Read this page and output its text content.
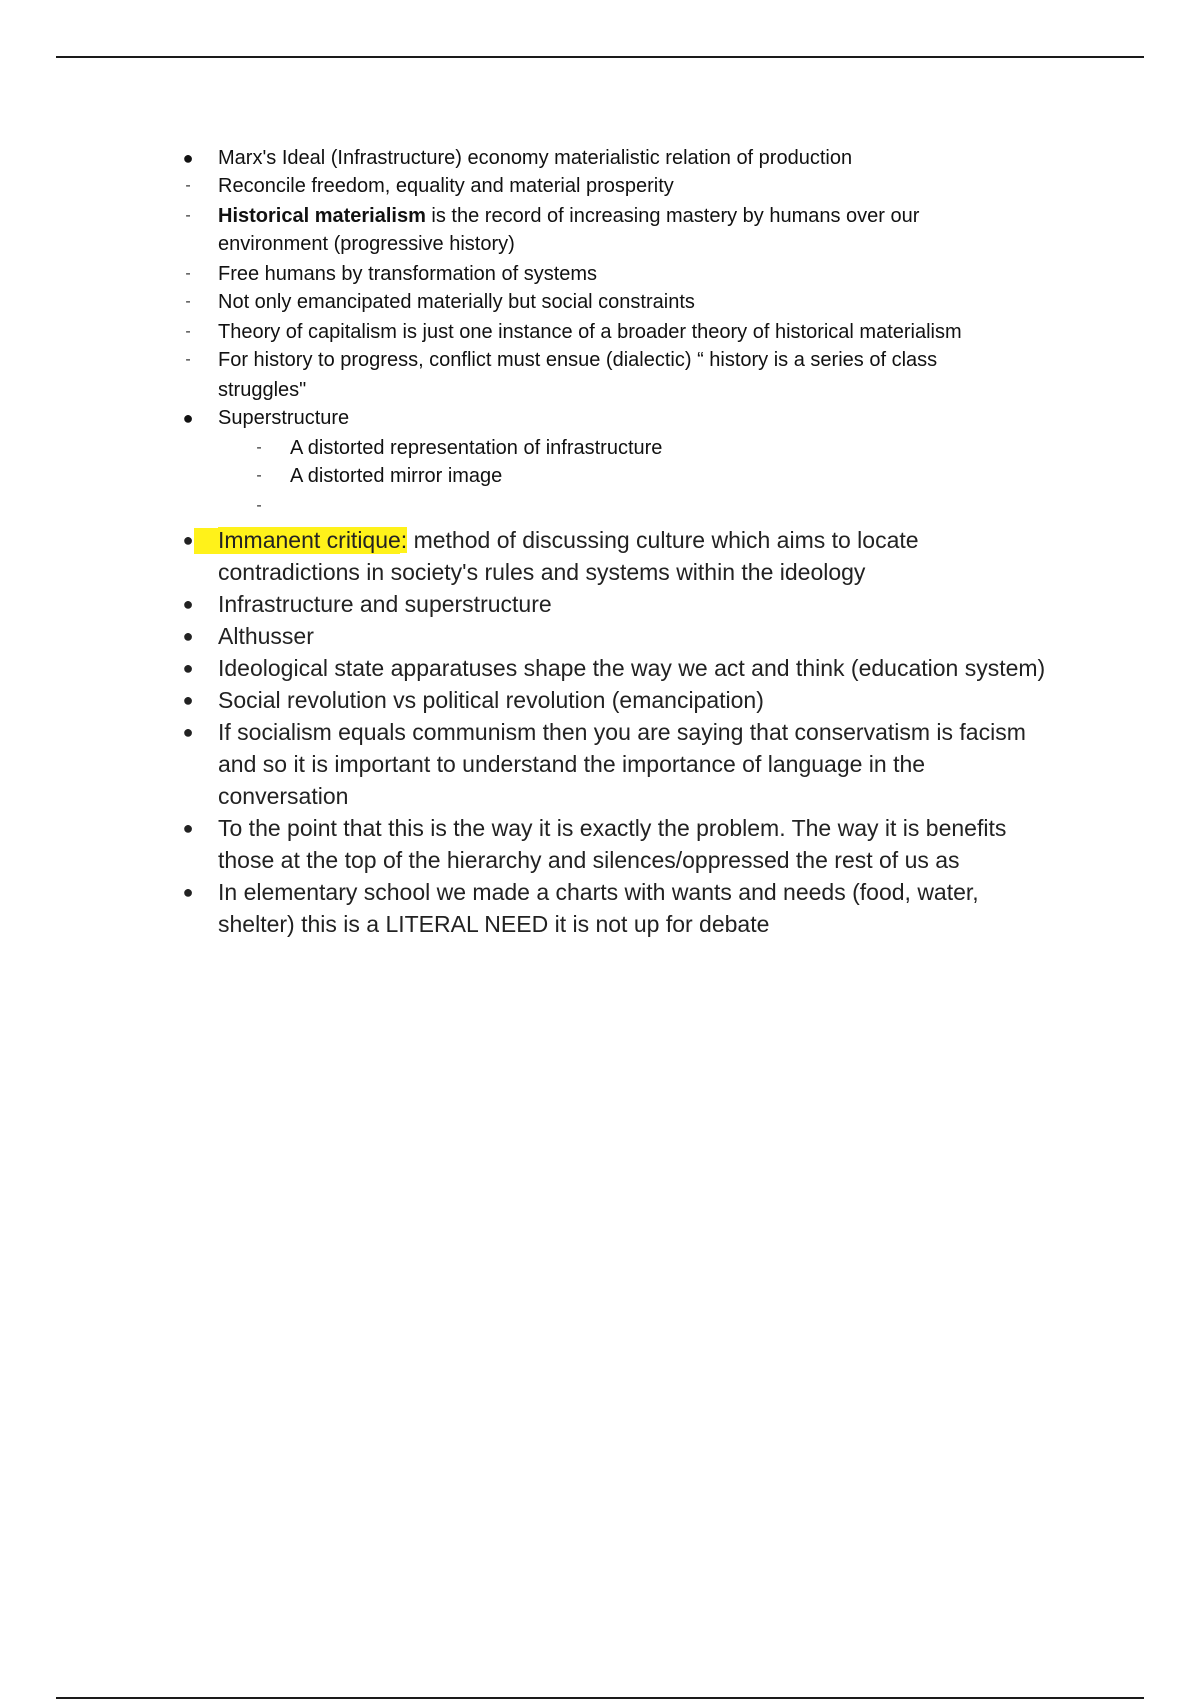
● Marx's Ideal (Infrastructure) economy materialistic relation of production
-	Reconcile freedom, equality and material prosperity
-	Historical materialism is the record of increasing mastery by humans over our
environment (progressive history)
-	Free humans by transformation of systems
-	Not only emancipated materially but social constraints
-	Theory of capitalism is just one instance of a broader theory of historical materialism
-	For history to progress, conflict must ensue (dialectic) “ history is a series of class
struggles"
● Superstructure
-	A distorted representation of infrastructure
-	A distorted mirror image
-
● Immanent critique: method of discussing culture which aims to locate
contradictions in society's rules and systems within the ideology
● Infrastructure and superstructure
● Althusser
● Ideological state apparatuses shape the way we act and think (education system)
● Social revolution vs political revolution (emancipation)
● If socialism equals communism then you are saying that conservatism is facism
and so it is important to understand the importance of language in the
conversation
● To the point that this is the way it is exactly the problem. The way it is benefits
those at the top of the hierarchy and silences/oppressed the rest of us as
● In elementary school we made a charts with wants and needs (food, water,
shelter) this is a LITERAL NEED it is not up for debate
